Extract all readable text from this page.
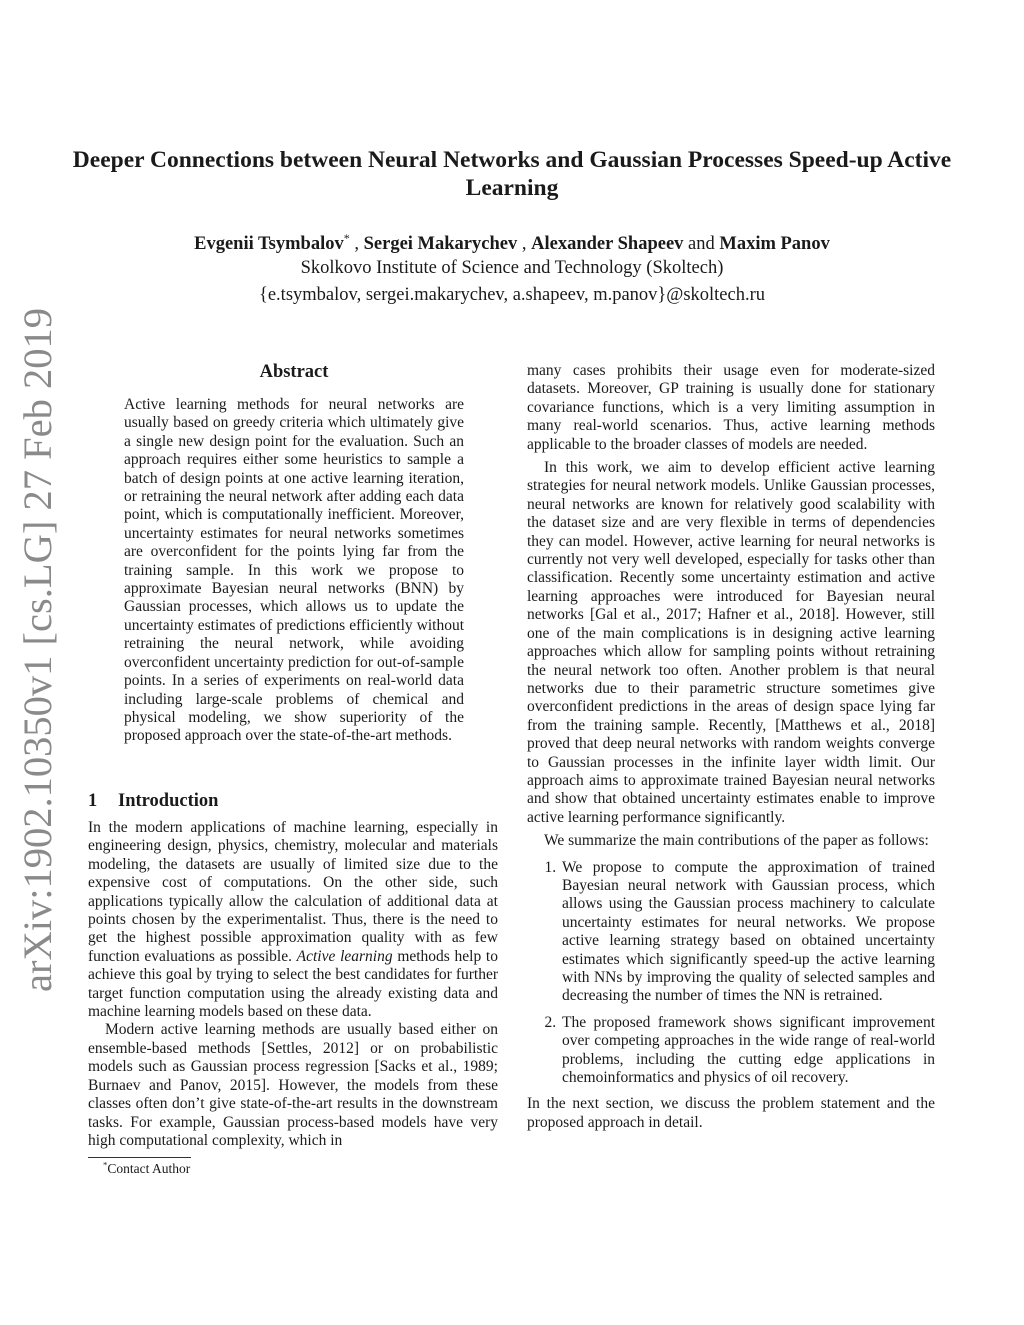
arXiv:1902.10350v1 [cs.LG] 27 Feb 2019
Deeper Connections between Neural Networks and Gaussian Processes Speed-up Active Learning
Evgenii Tsymbalov* , Sergei Makarychev , Alexander Shapeev and Maxim Panov
Skolkovo Institute of Science and Technology (Skoltech)
{e.tsymbalov, sergei.makarychev, a.shapeev, m.panov}@skoltech.ru
Abstract
Active learning methods for neural networks are usually based on greedy criteria which ultimately give a single new design point for the evaluation. Such an approach requires either some heuristics to sample a batch of design points at one active learning iteration, or retraining the neural network after adding each data point, which is computationally inefficient. Moreover, uncertainty estimates for neural networks sometimes are overconfident for the points lying far from the training sample. In this work we propose to approximate Bayesian neural networks (BNN) by Gaussian processes, which allows us to update the uncertainty estimates of predictions efficiently without retraining the neural network, while avoiding overconfident uncertainty prediction for out-of-sample points. In a series of experiments on real-world data including large-scale problems of chemical and physical modeling, we show superiority of the proposed approach over the state-of-the-art methods.
1 Introduction

In the modern applications of machine learning, especially in engineering design, physics, chemistry, molecular and materials modeling, the datasets are usually of limited size due to the expensive cost of computations. On the other side, such applications typically allow the calculation of additional data at points chosen by the experimentalist. Thus, there is the need to get the highest possible approximation quality with as few function evaluations as possible. Active learning methods help to achieve this goal by trying to select the best candidates for further target function computation using the already existing data and machine learning models based on these data.

Modern active learning methods are usually based either on ensemble-based methods [Settles, 2012] or on probabilistic models such as Gaussian process regression [Sacks et al., 1989; Burnaev and Panov, 2015]. However, the models from these classes often don’t give state-of-the-art results in the downstream tasks. For example, Gaussian process-based models have very high computational complexity, which in

many cases prohibits their usage even for moderate-sized datasets. Moreover, GP training is usually done for stationary covariance functions, which is a very limiting assumption in many real-world scenarios. Thus, active learning methods applicable to the broader classes of models are needed.

In this work, we aim to develop efficient active learning strategies for neural network models. Unlike Gaussian processes, neural networks are known for relatively good scalability with the dataset size and are very flexible in terms of dependencies they can model. However, active learning for neural networks is currently not very well developed, especially for tasks other than classification. Recently some uncertainty estimation and active learning approaches were introduced for Bayesian neural networks [Gal et al., 2017; Hafner et al., 2018]. However, still one of the main complications is in designing active learning approaches which allow for sampling points without retraining the neural network too often. Another problem is that neural networks due to their parametric structure sometimes give overconfident predictions in the areas of design space lying far from the training sample. Recently, [Matthews et al., 2018] proved that deep neural networks with random weights converge to Gaussian processes in the infinite layer width limit. Our approach aims to approximate trained Bayesian neural networks and show that obtained uncertainty estimates enable to improve active learning performance significantly.

We summarize the main contributions of the paper as follows:

1. We propose to compute the approximation of trained Bayesian neural network with Gaussian process, which allows using the Gaussian process machinery to calculate uncertainty estimates for neural networks. We propose active learning strategy based on obtained uncertainty estimates which significantly speed-up the active learning with NNs by improving the quality of selected samples and decreasing the number of times the NN is retrained.
2. The proposed framework shows significant improvement over competing approaches in the wide range of real-world problems, including the cutting edge applications in chemoinformatics and physics of oil recovery.

In the next section, we discuss the problem statement and the proposed approach in detail.

*Contact Author
